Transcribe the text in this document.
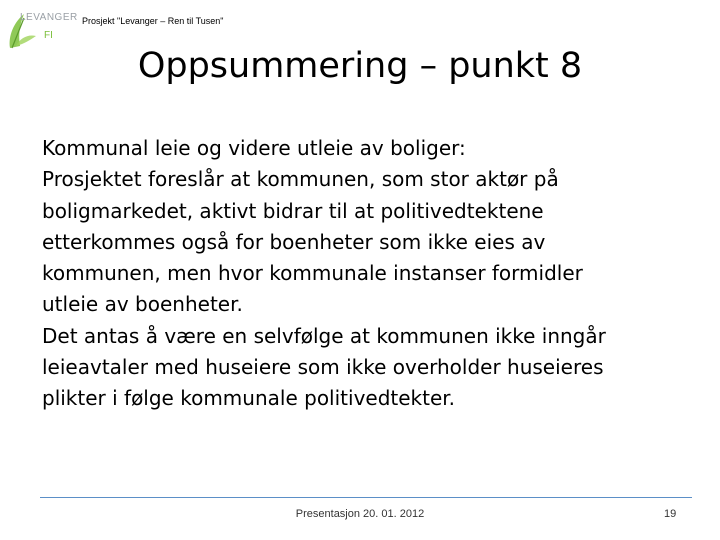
LEVANGER
FI
Prosjekt "Levanger – Ren til Tusen"
Oppsummering – punkt 8

Kommunal leie og videre utleie av boliger:

Prosjektet foreslår at kommunen, som stor aktør på

boligmarkedet, aktivt bidrar til at politivedtektene

etterkommes også for boenheter som ikke eies av

kommunen, men hvor kommunale instanser formidler

utleie av boenheter.

Det antas å være en selvfølge at kommunen ikke inngår

leieavtaler med huseiere som ikke overholder huseieres

plikter i følge kommunale politivedtekter.

Presentasjon 20. 01. 2012	19
